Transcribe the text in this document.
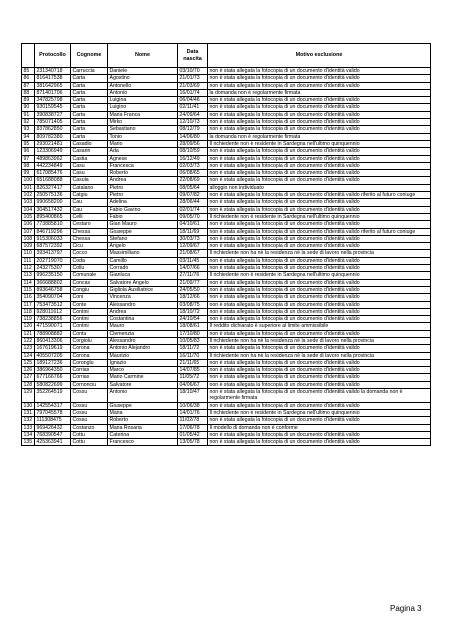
	Protocollo	Cognome	Nome	Data nascita	Motivo esclusione
85	231340718	Carruccia	Daniele	03/10/70	non è stata allegata la fotocopia di un documento d'identità valido
86	816417538	Carta	Agostino	21/01/73	non è stata allegata la fotocopia di un documento d'identità valido
87	381642965	Carta	Antonello	21/03/69	non è stata allegata la fotocopia di un documento d'identità valido
88	871401706	Carta	Antonio	16/01/74	la domanda non è regolarmente firmata
89	347825798	Carta	Luigina	06/04/46	non è stata allegata la fotocopia di un documento d'identità valido
90	930159545	Carta	Luigino	02/11/41	non è stata allegata la fotocopia di un documento d'identità valido
91	390838727	Carta	Maria Franca	24/09/64	non è stata allegata la fotocopia di un documento d'identità valido
92	785071405	Carta	Mirko	12/10/73	non è stata allegata la fotocopia di un documento d'identità valido
93	837862850	Carta	Sebastiano	08/12/79	non è stata allegata la fotocopia di un documento d'identità valido
94	809782380	Carta	Tonio	14/06/80	la domanda non è regolarmente firmata
95	293021481	Casadio	Mario	28/09/56	Il richiedente non è residente in Sardegna nell'ultimo quinquennio
96	123306949	Casarin	Ada	08/10/59	non è stata allegata la fotocopia di un documento d'identità valido
97	489863962	Castia	Agnese	16/12/49	non è stata allegata la fotocopia di un documento d'identità valido
98	442234849	Casu	Francesca	02/03/73	non è stata allegata la fotocopia di un documento d'identità valido
99	617085476	Casu	Roberto	06/08/65	non è stata allegata la fotocopia di un documento d'identità valido
100	651688088	Casula	Andrea	22/08/69	non è stata allegata la fotocopia di un documento d'identità valido
101	826327417	Catalano	Pietro	08/05/64	alloggio non individuato
102	250575136	Catgiu	Pietro	09/07/82	non è stata allegata la fotocopia di un documento d'identità valido riferito al futuro coniuge
103	990658200	Cau	Adelina	28/06/44	non è stata allegata la fotocopia di un documento d'identità valido
104	304517432	Cau	Fabio Gavino	02/01/74	non è stata allegata la fotocopia di un documento d'identità valido
105	895400865	Celli	Fabio	09/05/70	Il richiedente non è residente in Sardegna nell'ultimo quinquennio
106	773885810	Cestaro	Gian Mauro	04/10/61	non è stata allegata la fotocopia di un documento d'identità valido
107	846719296	Chessa	Giuseppe	18/11/69	non è stata allegata la fotocopia di un documento d'identità valido riferito al futuro coniuge
108	915306033	Chessa	Stefano	30/03/73	non è stata allegata la fotocopia di un documento d'identità valido
109	687572392	Cicu	Angelo	12/09/67	non è stata allegata la fotocopia di un documento d'identità valido
110	393413797	Cocco	Massimiliano	21/08/67	Il richiedente non ha nè la residenza nè la sede di lavoro nella provincia
111	202719070	Coda	Camillo	03/11/45	non è stata allegata la fotocopia di un documento d'identità valido
112	243275307	Collu	Corrado	14/07/66	non è stata allegata la fotocopia di un documento d'identità valido
113	996235150	Comunale	Gianluca	27/11/76	Il richiedente non è residente in Sardegna nell'ultimo quinquennio
114	366688802	Concas	Salvatore Angelo	21/09/77	non è stata allegata la fotocopia di un documento d'identità valido
115	893646758	Congiu	Gigliola Ausiliatrice	24/05/50	non è stata allegata la fotocopia di un documento d'identità valido
116	354090704	Coni	Vincenza	18/12/66	non è stata allegata la fotocopia di un documento d'identità valido
117	753473512	Conte	Alessandro	03/08/75	non è stata allegata la fotocopia di un documento d'identità valido
118	928011612	Contini	Andrea	18/10/72	non è stata allegata la fotocopia di un documento d'identità valido
119	738238856	Contini	Costantina	24/10/54	non è stata allegata la fotocopia di un documento d'identità valido
120	471590071	Contini	Mauro	18/08/61	Il reddito dichiarato è superiore al limite ammissibile
121	788908882	Contu	Clemenzia	17/10/80	non è stata allegata la fotocopia di un documento d'identità valido
122	860413306	Corgiolu	Alessandro	10/05/83	Il richiedente non ha nè la residenza nè la sede di lavoro nella provincia
123	167619619	Corona	Antonio Alejandro	18/11/72	non è stata allegata la fotocopia di un documento d'identità valido
124	405507205	Corona	Maurizio	16/11/70	Il richiedente non ha nè la residenza nè la sede di lavoro nella provincia
125	189127236	Coronglu	Ignazio	21/11/65	non è stata allegata la fotocopia di un documento d'identità valido
126	386964350	Corrias	Marco	14/07/85	non è stata allegata la fotocopia di un documento d'identità valido
127	677166766	Corrias	Mario Carmine	11/05/72	non è stata allegata la fotocopia di un documento d'identità valido
128	580822699	Cornonciu	Salvatore	04/06/67	non è stata allegata la fotocopia di un documento d'identità valido
129	352264519	Cossu	Antonio	18/10/47	non è stata allegata la fotocopia di un documento d'identità valido la domanda non è regolarmente firmata
130	142554317	Cossu	Giuseppe	10/06/38	non è stata allegata la fotocopia di un documento d'identità valido
131	797045578	Cossu	Maria	14/01/76	Il richiedente non è residente in Sardegna nell'ultimo quinquennio
132	111308475	Cossu	Roberto	11/02/78	non è stata allegata la fotocopia di un documento d'identità valido
133	969426432	Costanzo	Maria Rosaria	17/06/78	Il modello di domanda non è conforme
134	768390547	Cottu	Caterina	01/05/42	non è stata allegata la fotocopia di un documento d'identità valido
135	425363941	Cottu	Francesco	13/05/78	non è stata allegata la fotocopia di un documento d'identità valido
Pagina 3
